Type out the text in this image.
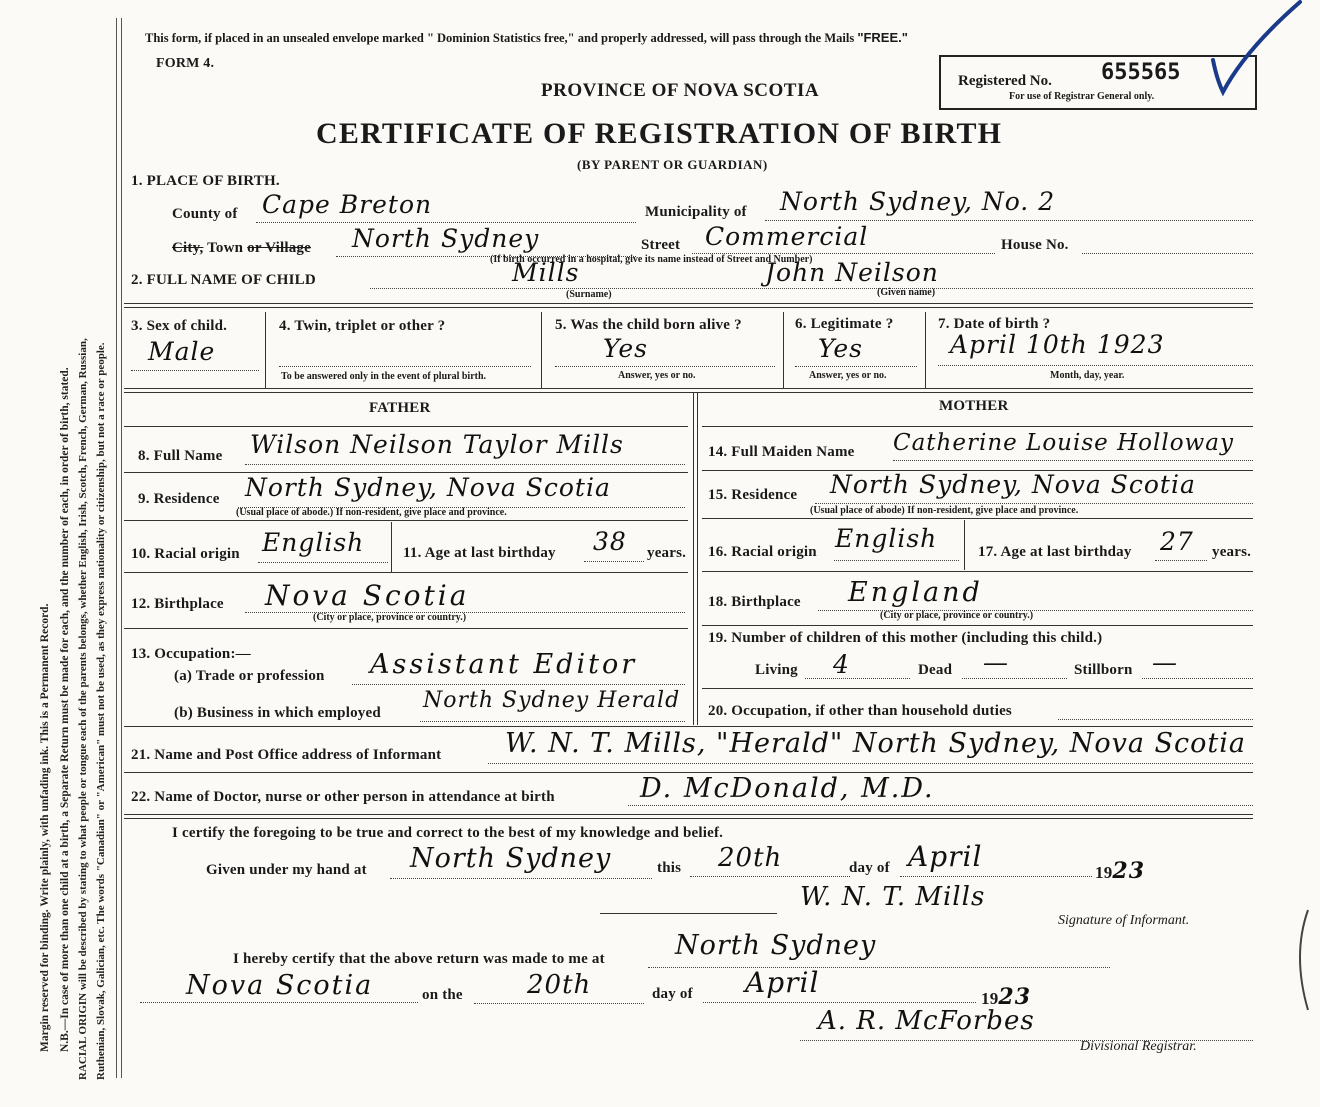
Margin reserved for binding. Write plainly, with unfading ink. This is a Permanent Record. N.B.—In case of more than one child at a birth, a Separate Return must be made for each, and the number of each, in order of birth, stated. RACIAL ORIGIN will be described by stating to what people or tongue each of the parents belongs, whether English, Irish, Scotch, French, German, Russian, Ruthenian, Slovak, Galician, etc. The words "Canadian" or "American" must not be used, as they express nationality or citizenship, but not a race or people.
This form, if placed in an unsealed envelope marked " Dominion Statistics free," and properly addressed, will pass through the Mails "FREE."
FORM 4.
PROVINCE OF NOVA SCOTIA
CERTIFICATE OF REGISTRATION OF BIRTH
(BY PARENT OR GUARDIAN)
Registered No. 655565
For use of Registrar General only.
1. PLACE OF BIRTH.
County of Cape Breton	Municipality of North Sydney, No. 2
City, Town or Village North Sydney
(If birth occurred in a hospital, give its name instead of Street and Number)
Street Commercial	House No.
2. FULL NAME OF CHILD	Mills
(Surname)
John Neilson
(Given name)
3. Sex of child.
Male
4. Twin, triplet or other ?
To be answered only in the event of plural birth.
5. Was the child born alive ?
Yes
Answer, yes or no.
6. Legitimate ?
Yes
Answer, yes or no.
7. Date of birth ?
April 10th 1923
Month, day, year.
FATHER	MOTHER
8. Full Name Wilson Neilson Taylor Mills
9. Residence North Sydney, Nova Scotia
(Usual place of abode.) If non-resident, give place and province.
10. Racial origin English	11. Age at last birthday 38 years.
12. Birthplace Nova Scotia
(City or place, province or country.)
13. Occupation:—
(a) Trade or profession Assistant Editor
(b) Business in which employed North Sydney Herald
14. Full Maiden Name Catherine Louise Holloway
15. Residence North Sydney, Nova Scotia
(Usual place of abode) If non-resident, give place and province.
16. Racial origin English	17. Age at last birthday 27 years.
18. Birthplace England
(City or place, province or country.)
19. Number of children of this mother (including this child.)
Living 4	Dead —	Stillborn —
20. Occupation, if other than household duties
21. Name and Post Office address of Informant W. N. T. Mills, "Herald" North Sydney, Nova Scotia
22. Name of Doctor, nurse or other person in attendance at birth	D. McDonald, M.D.
I certify the foregoing to be true and correct to the best of my knowledge and belief.
Given under my hand at North Sydney	this 20th	day of April	1923
W. N. T. Mills
Signature of Informant.
I hereby certify that the above return was made to me at	North Sydney
Nova Scotia	on the 20th	day of April	1923
A. R. McForbes
Divisional Registrar.
